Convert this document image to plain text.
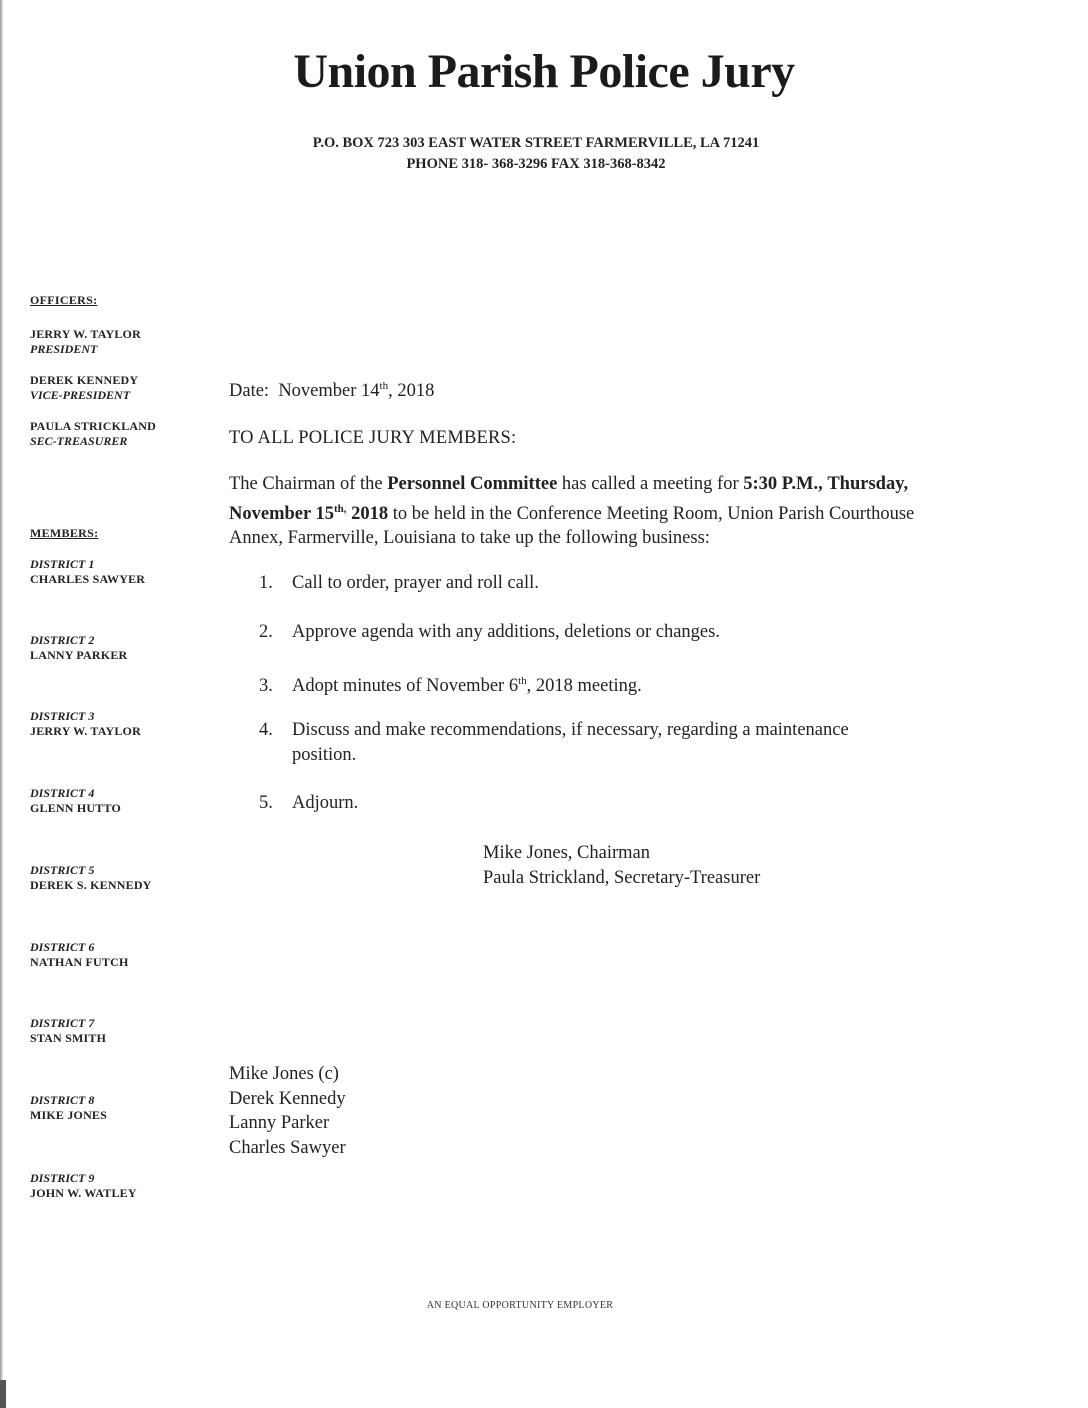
Union Parish Police Jury
P.O. BOX 723 303 EAST WATER STREET FARMERVILLE, LA 71241
PHONE 318- 368-3296 FAX 318-368-8342
OFFICERS:
JERRY W. TAYLOR
PRESIDENT
DEREK KENNEDY
VICE-PRESIDENT
PAULA STRICKLAND
SEC-TREASURER
MEMBERS:
DISTRICT 1
CHARLES SAWYER
DISTRICT 2
LANNY PARKER
DISTRICT 3
JERRY W. TAYLOR
DISTRICT 4
GLENN HUTTO
DISTRICT 5
DEREK S. KENNEDY
DISTRICT 6
NATHAN FUTCH
DISTRICT 7
STAN SMITH
DISTRICT 8
MIKE JONES
DISTRICT 9
JOHN W. WATLEY
Date: November 14th, 2018
TO ALL POLICE JURY MEMBERS:
The Chairman of the Personnel Committee has called a meeting for 5:30 P.M., Thursday, November $15^{th,}$ 2018 to be held in the Conference Meeting Room, Union Parish Courthouse Annex, Farmerville, Louisiana to take up the following business:
1. Call to order, prayer and roll call.
2. Approve agenda with any additions, deletions or changes.
3. Adopt minutes of November 6th, 2018 meeting.
4. Discuss and make recommendations, if necessary, regarding a maintenance
position.
5. Adjourn.
Mike Jones, Chairman
Paula Strickland, Secretary-Treasurer
Mike Jones (c)
Derek Kennedy
Lanny Parker
Charles Sawyer
AN EQUAL OPPORTUNITY EMPLOYER
